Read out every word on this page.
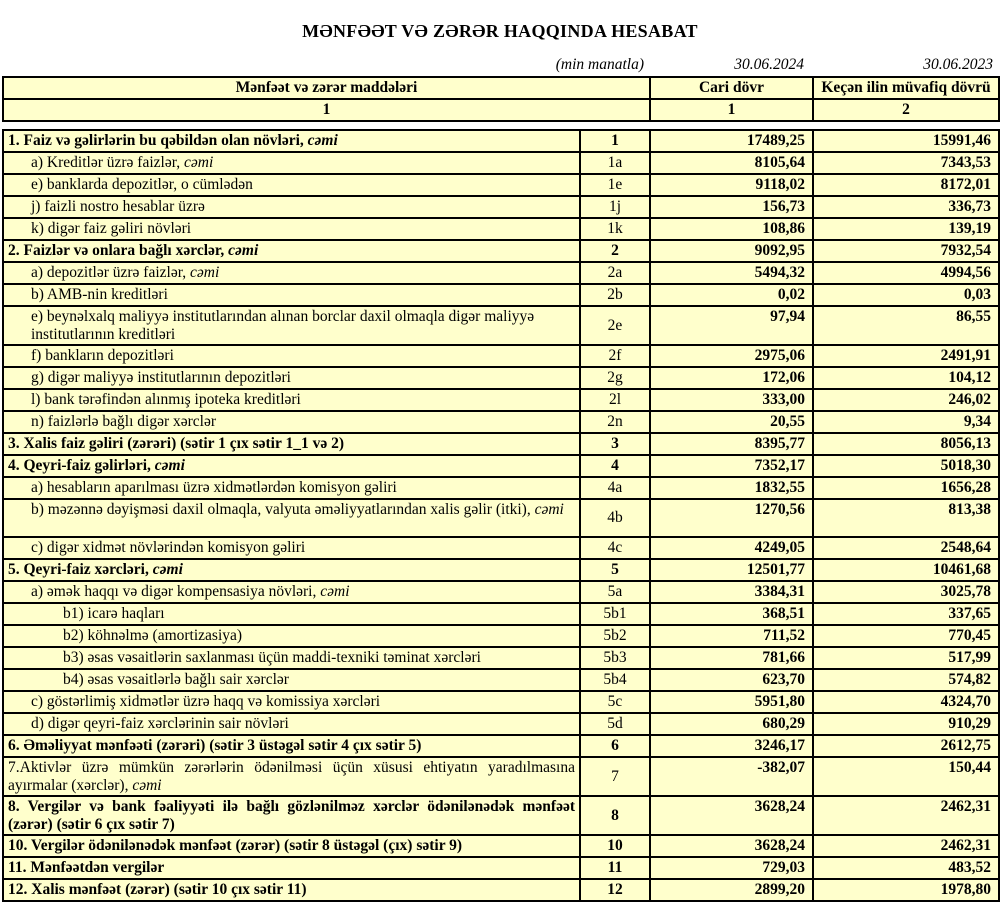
MƏNFƏƏT VƏ ZƏRƏR HAQQINDA HESABAT
(min manatla)	30.06.2024	30.06.2023
Mənfəət və zərər maddələri	Cari dövr	Keçən ilin müvafiq dövrü
1	1	2
1. Faiz və gəlirlərin bu qəbildən olan növləri, cəmi	1	17489,25	15991,46
a) Kreditlər üzrə faizlər, cəmi	1a	8105,64	7343,53
e) banklarda depozitlər, o cümlədən	1e	9118,02	8172,01
j) faizli nostro hesablar üzrə	1j	156,73	336,73
k) digər faiz gəliri növləri	1k	108,86	139,19
2. Faizlər və onlara bağlı xərclər, cəmi	2	9092,95	7932,54
a) depozitlər üzrə faizlər, cəmi	2a	5494,32	4994,56
b) AMB-nin kreditləri	2b	0,02	0,03
e) beynəlxalq maliyyə institutlarından alınan borclar daxil olmaqla digər maliyyə institutlarının kreditləri	2e	97,94	86,55
f) bankların depozitləri	2f	2975,06	2491,91
g) digər maliyyə institutlarının depozitləri	2g	172,06	104,12
l) bank tərəfindən alınmış ipoteka kreditləri	2l	333,00	246,02
n) faizlərlə bağlı digər xərclər	2n	20,55	9,34
3. Xalis faiz gəliri (zərəri) (sətir 1 çıx sətir 1_1 və 2)	3	8395,77	8056,13
4. Qeyri-faiz gəlirləri, cəmi	4	7352,17	5018,30
a) hesabların aparılması üzrə xidmətlərdən komisyon gəliri	4a	1832,55	1656,28
b) məzənnə dəyişməsi daxil olmaqla, valyuta əməliyyatlarından xalis gəlir (itki), cəmi	4b	1270,56	813,38
c) digər xidmət növlərindən komisyon gəliri	4c	4249,05	2548,64
5. Qeyri-faiz xərcləri, cəmi	5	12501,77	10461,68
a) əmək haqqı və digər kompensasiya növləri, cəmi	5a	3384,31	3025,78
b1) icarə haqları	5b1	368,51	337,65
b2) köhnəlmə (amortizasiya)	5b2	711,52	770,45
b3) əsas vəsaitlərin saxlanması üçün maddi-texniki təminat xərcləri	5b3	781,66	517,99
b4) əsas vəsaitlərlə bağlı sair xərclər	5b4	623,70	574,82
c) göstərlimiş xidmətlər üzrə haqq və komissiya xərcləri	5c	5951,80	4324,70
d) digər qeyri-faiz xərclərinin sair növləri	5d	680,29	910,29
6. Əməliyyat mənfəəti (zərəri) (sətir 3 üstəgəl sətir 4 çıx sətir 5)	6	3246,17	2612,75
7.Aktivlər üzrə mümkün zərərlərin ödənilməsi üçün xüsusi ehtiyatın yaradılmasına ayırmalar (xərclər), cəmi	7	-382,07	150,44
8. Vergilər və bank fəaliyyəti ilə bağlı gözlənilməz xərclər ödənilənədək mənfəət (zərər) (sətir 6 çıx sətir 7)	8	3628,24	2462,31
10. Vergilər ödənilənədək mənfəət (zərər) (sətir 8 üstəgəl (çıx) sətir 9)	10	3628,24	2462,31
11. Mənfəətdən vergilər	11	729,03	483,52
12. Xalis mənfəət (zərər) (sətir 10 çıx sətir 11)	12	2899,20	1978,80
